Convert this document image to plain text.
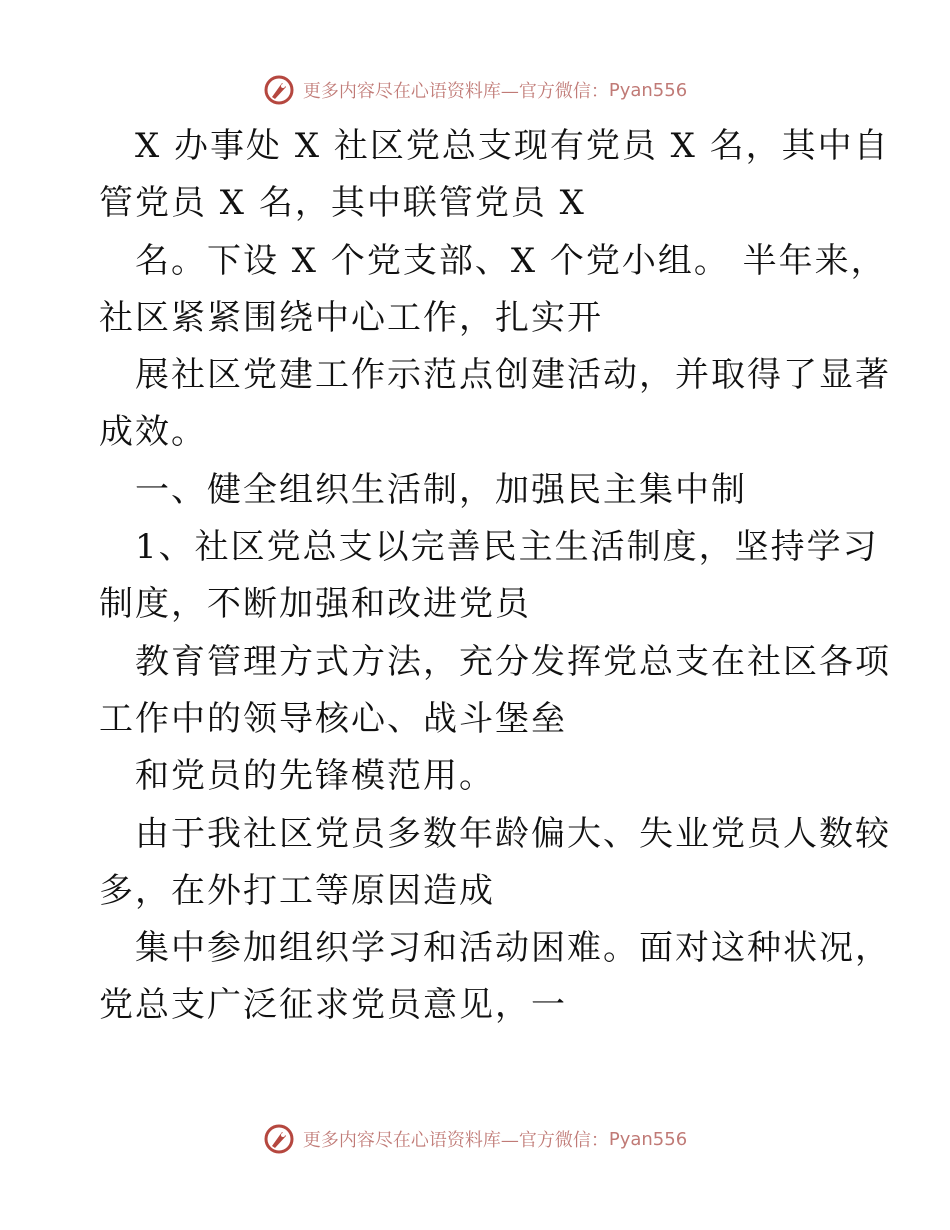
更多内容尽在心语资料库—官方微信： Pyan556
X 办事处 X 社区党总支现有党员 X 名，其中自
管党员 X 名，其中联管党员 X
名。下设 X 个党支部、X 个党小组。 半年来，
社区紧紧围绕中心工作，扎实开
展社区党建工作示范点创建活动，并取得了显著
成效。
一、健全组织生活制，加强民主集中制
1、社区党总支以完善民主生活制度，坚持学习
制度，不断加强和改进党员
教育管理方式方法，充分发挥党总支在社区各项
工作中的领导核心、战斗堡垒
和党员的先锋模范用。
由于我社区党员多数年龄偏大、失业党员人数较
多，在外打工等原因造成
集中参加组织学习和活动困难。面对这种状况，
党总支广泛征求党员意见，一
更多内容尽在心语资料库—官方微信： Pyan556
